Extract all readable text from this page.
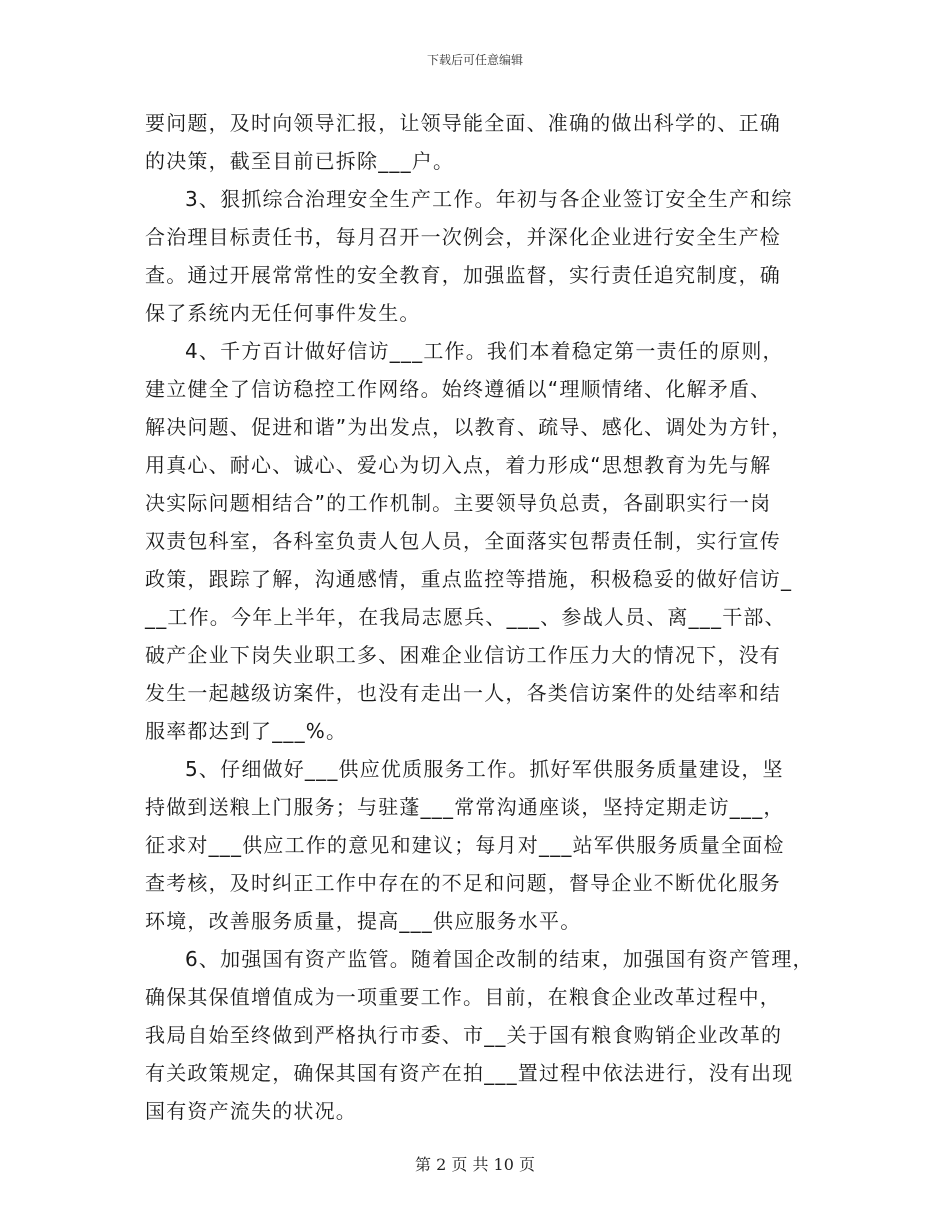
下载后可任意编辑
要问题，及时向领导汇报，让领导能全面、准确的做出科学的、正确
的决策，截至目前已拆除___户。
3、狠抓综合治理安全生产工作。年初与各企业签订安全生产和综
合治理目标责任书，每月召开一次例会，并深化企业进行安全生产检
查。通过开展常常性的安全教育，加强监督，实行责任追究制度，确
保了系统内无任何事件发生。
4、千方百计做好信访___工作。我们本着稳定第一责任的原则，
建立健全了信访稳控工作网络。始终遵循以“理顺情绪、化解矛盾、
解决问题、促进和谐”为出发点，以教育、疏导、感化、调处为方针，
用真心、耐心、诚心、爱心为切入点，着力形成“思想教育为先与解
决实际问题相结合”的工作机制。主要领导负总责，各副职实行一岗
双责包科室，各科室负责人包人员，全面落实包帮责任制，实行宣传
政策，跟踪了解，沟通感情，重点监控等措施，积极稳妥的做好信访_
__工作。今年上半年，在我局志愿兵、___、参战人员、离___干部、
破产企业下岗失业职工多、困难企业信访工作压力大的情况下，没有
发生一起越级访案件，也没有走出一人，各类信访案件的处结率和结
服率都达到了___%。
5、仔细做好___供应优质服务工作。抓好军供服务质量建设，坚
持做到送粮上门服务；与驻蓬___常常沟通座谈，坚持定期走访___，
征求对___供应工作的意见和建议；每月对___站军供服务质量全面检
查考核，及时纠正工作中存在的不足和问题，督导企业不断优化服务
环境，改善服务质量，提高___供应服务水平。
6、加强国有资产监管。随着国企改制的结束，加强国有资产管理，
确保其保值增值成为一项重要工作。目前，在粮食企业改革过程中，
我局自始至终做到严格执行市委、市__关于国有粮食购销企业改革的
有关政策规定，确保其国有资产在拍___置过程中依法进行，没有出现
国有资产流失的状况。
第 2 页 共 10 页
